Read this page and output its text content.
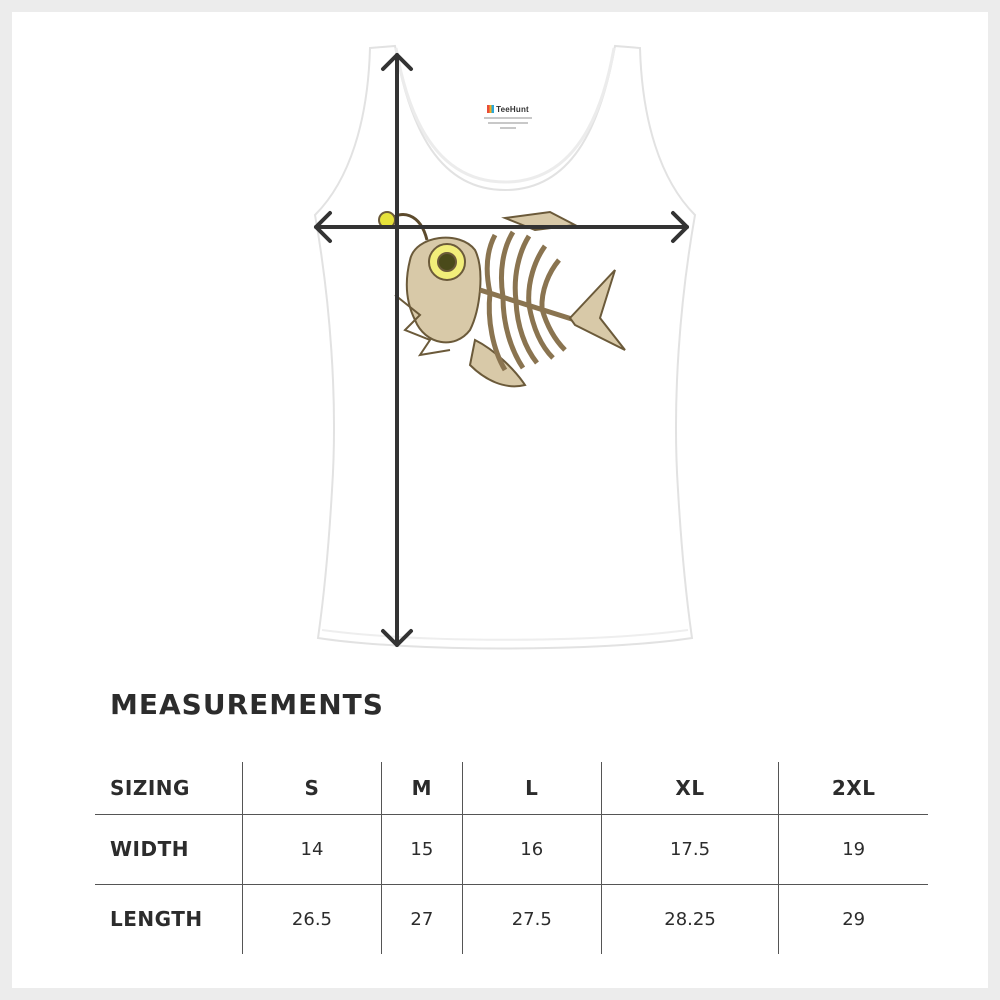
TeeHunt
MEASUREMENTS
SIZING	S	M	L	XL	2XL
WIDTH	14	15	16	17.5	19
LENGTH	26.5	27	27.5	28.25	29
